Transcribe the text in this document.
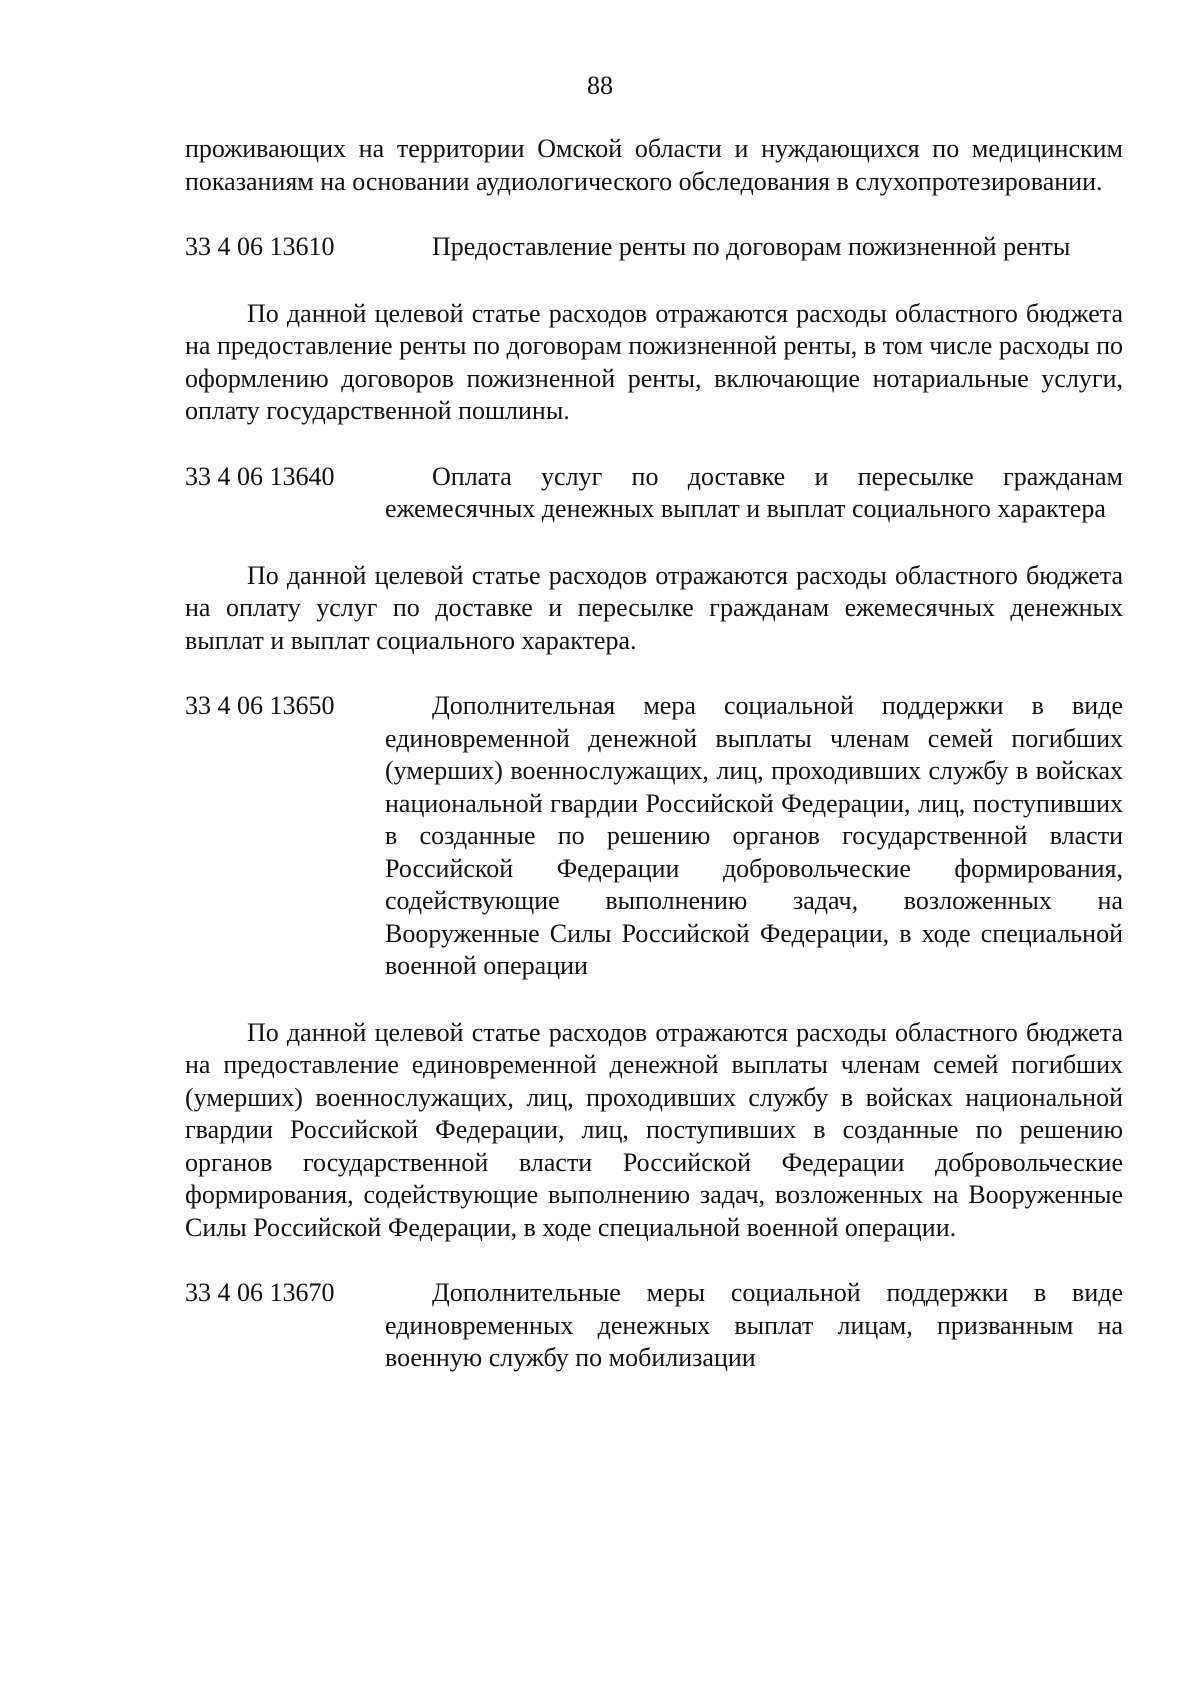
88

проживающих на территории Омской области и нуждающихся по медицинским показаниям на основании аудиологического обследования в слухопротезировании.

33 4 06 13610	Предоставление ренты по договорам пожизненной ренты

По данной целевой статье расходов отражаются расходы областного бюджета на предоставление ренты по договорам пожизненной ренты, в том числе расходы по оформлению договоров пожизненной ренты, включающие нотариальные услуги, оплату государственной пошлины.

33 4 06 13640	Оплата услуг по доставке и пересылке гражданам ежемесячных денежных выплат и выплат социального характера

По данной целевой статье расходов отражаются расходы областного бюджета на оплату услуг по доставке и пересылке гражданам ежемесячных денежных выплат и выплат социального характера.

33 4 06 13650	Дополнительная мера социальной поддержки в виде единовременной денежной выплаты членам семей погибших (умерших) военнослужащих, лиц, проходивших службу в войсках национальной гвардии Российской Федерации, лиц, поступивших в созданные по решению органов государственной власти Российской Федерации добровольческие формирования, содействующие выполнению задач, возложенных на Вооруженные Силы Российской Федерации, в ходе специальной военной операции

По данной целевой статье расходов отражаются расходы областного бюджета на предоставление единовременной денежной выплаты членам семей погибших (умерших) военнослужащих, лиц, проходивших службу в войсках национальной гвардии Российской Федерации, лиц, поступивших в созданные по решению органов государственной власти Российской Федерации добровольческие формирования, содействующие выполнению задач, возложенных на Вооруженные Силы Российской Федерации, в ходе специальной военной операции.

33 4 06 13670	Дополнительные меры социальной поддержки в виде единовременных денежных выплат лицам, призванным на военную службу по мобилизации
